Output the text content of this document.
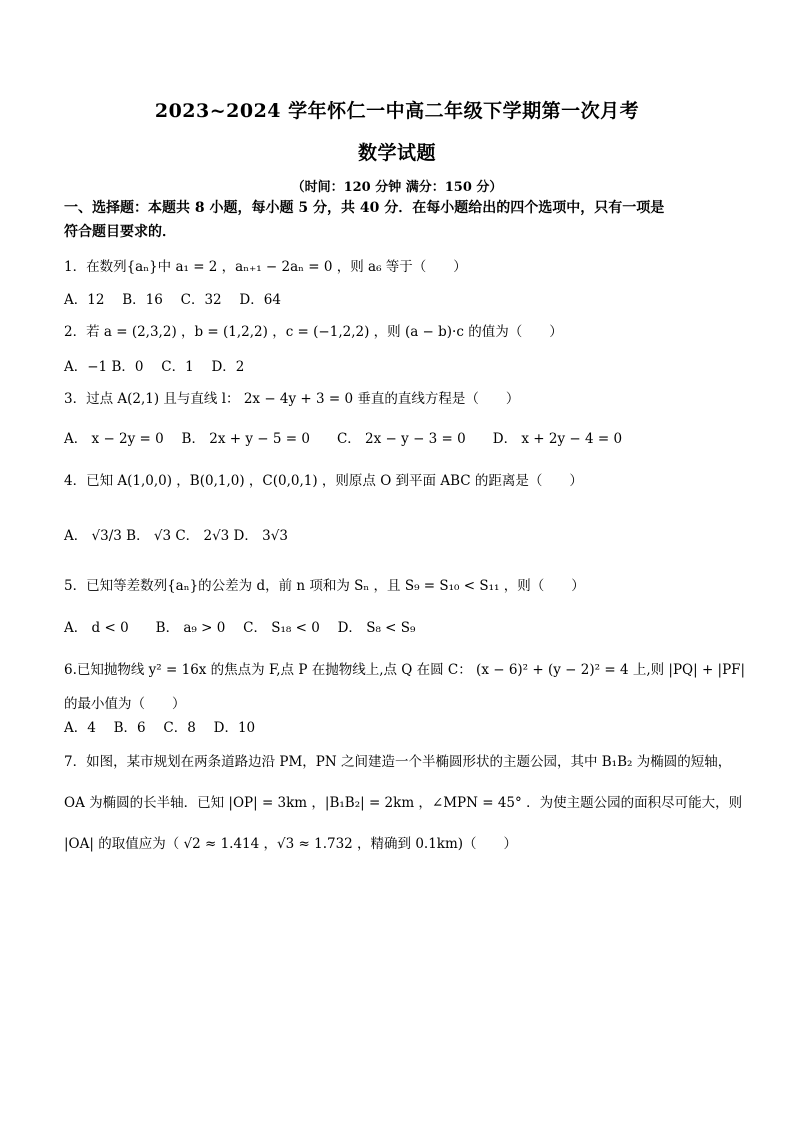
2023~2024 学年怀仁一中高二年级下学期第一次月考
数学试题
（时间：120 分钟 满分：150 分）
一、选择题：本题共 8 小题，每小题 5 分，共 40 分．在每小题给出的四个选项中，只有一项是
符合题目要求的．
1．在数列{aₙ}中 a₁ = 2 ，aₙ₊₁ − 2aₙ = 0 ，则 a₆ 等于（　　）
A．12　 B．16　 C．32　 D．64
2．若 a = (2,3,2) ，b = (1,2,2) ，c = (−1,2,2) ，则 (a − b)·c 的值为（　　）
A．−1 B．0　 C．1　 D．2
3．过点 A(2,1) 且与直线 l： 2x − 4y + 3 = 0 垂直的直线方程是（　　）
A． x − 2y = 0　 B． 2x + y − 5 = 0　　C． 2x − y − 3 = 0　　D． x + 2y − 4 = 0
4．已知 A(1,0,0) ，B(0,1,0) ，C(0,0,1) ，则原点 O 到平面 ABC 的距离是（　　）
A． √3/3 B． √3 C． 2√3 D． 3√3
5．已知等差数列{aₙ}的公差为 d，前 n 项和为 Sₙ ，且 S₉ = S₁₀ < S₁₁ ，则（　　）
A． d < 0　　B． a₉ > 0　 C． S₁₈ < 0　 D． S₈ < S₉
6.已知抛物线 y² = 16x 的焦点为 F,点 P 在抛物线上,点 Q 在圆 C： (x − 6)² + (y − 2)² = 4 上,则 |PQ| + |PF|
的最小值为（　　）
A．4　 B．6　 C．8　 D．10
7．如图，某市规划在两条道路边沿 PM，PN 之间建造一个半椭圆形状的主题公园，其中 B₁B₂ 为椭圆的短轴，
OA 为椭圆的长半轴．已知 |OP| = 3km ，|B₁B₂| = 2km ，∠MPN = 45° ．为使主题公园的面积尽可能大，则
|OA| 的取值应为（ √2 ≈ 1.414 ，√3 ≈ 1.732 ，精确到 0.1km)（　　）
